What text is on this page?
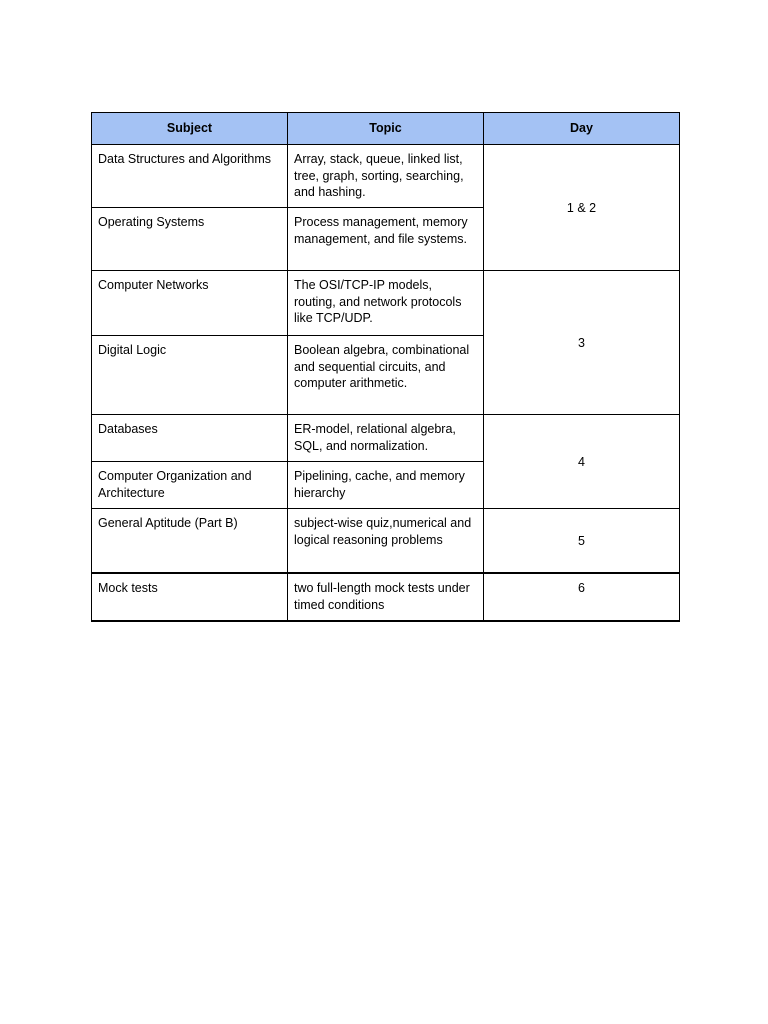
Subject	Topic	Day
Data Structures and Algorithms	Array, stack, queue, linked list, tree, graph, sorting, searching, and hashing.	1 & 2
Operating Systems	Process management, memory management, and file systems.	
Computer Networks	The OSI/TCP-IP models, routing, and network protocols like TCP/UDP.	3
Digital Logic	Boolean algebra, combinational and sequential circuits, and computer arithmetic.	
Databases	ER-model, relational algebra, SQL, and normalization.	4
Computer Organization and Architecture	Pipelining, cache, and memory hierarchy	
General Aptitude (Part B)	subject-wise quiz,numerical and logical reasoning problems	5
Mock tests	two full-length mock tests under timed conditions	6
